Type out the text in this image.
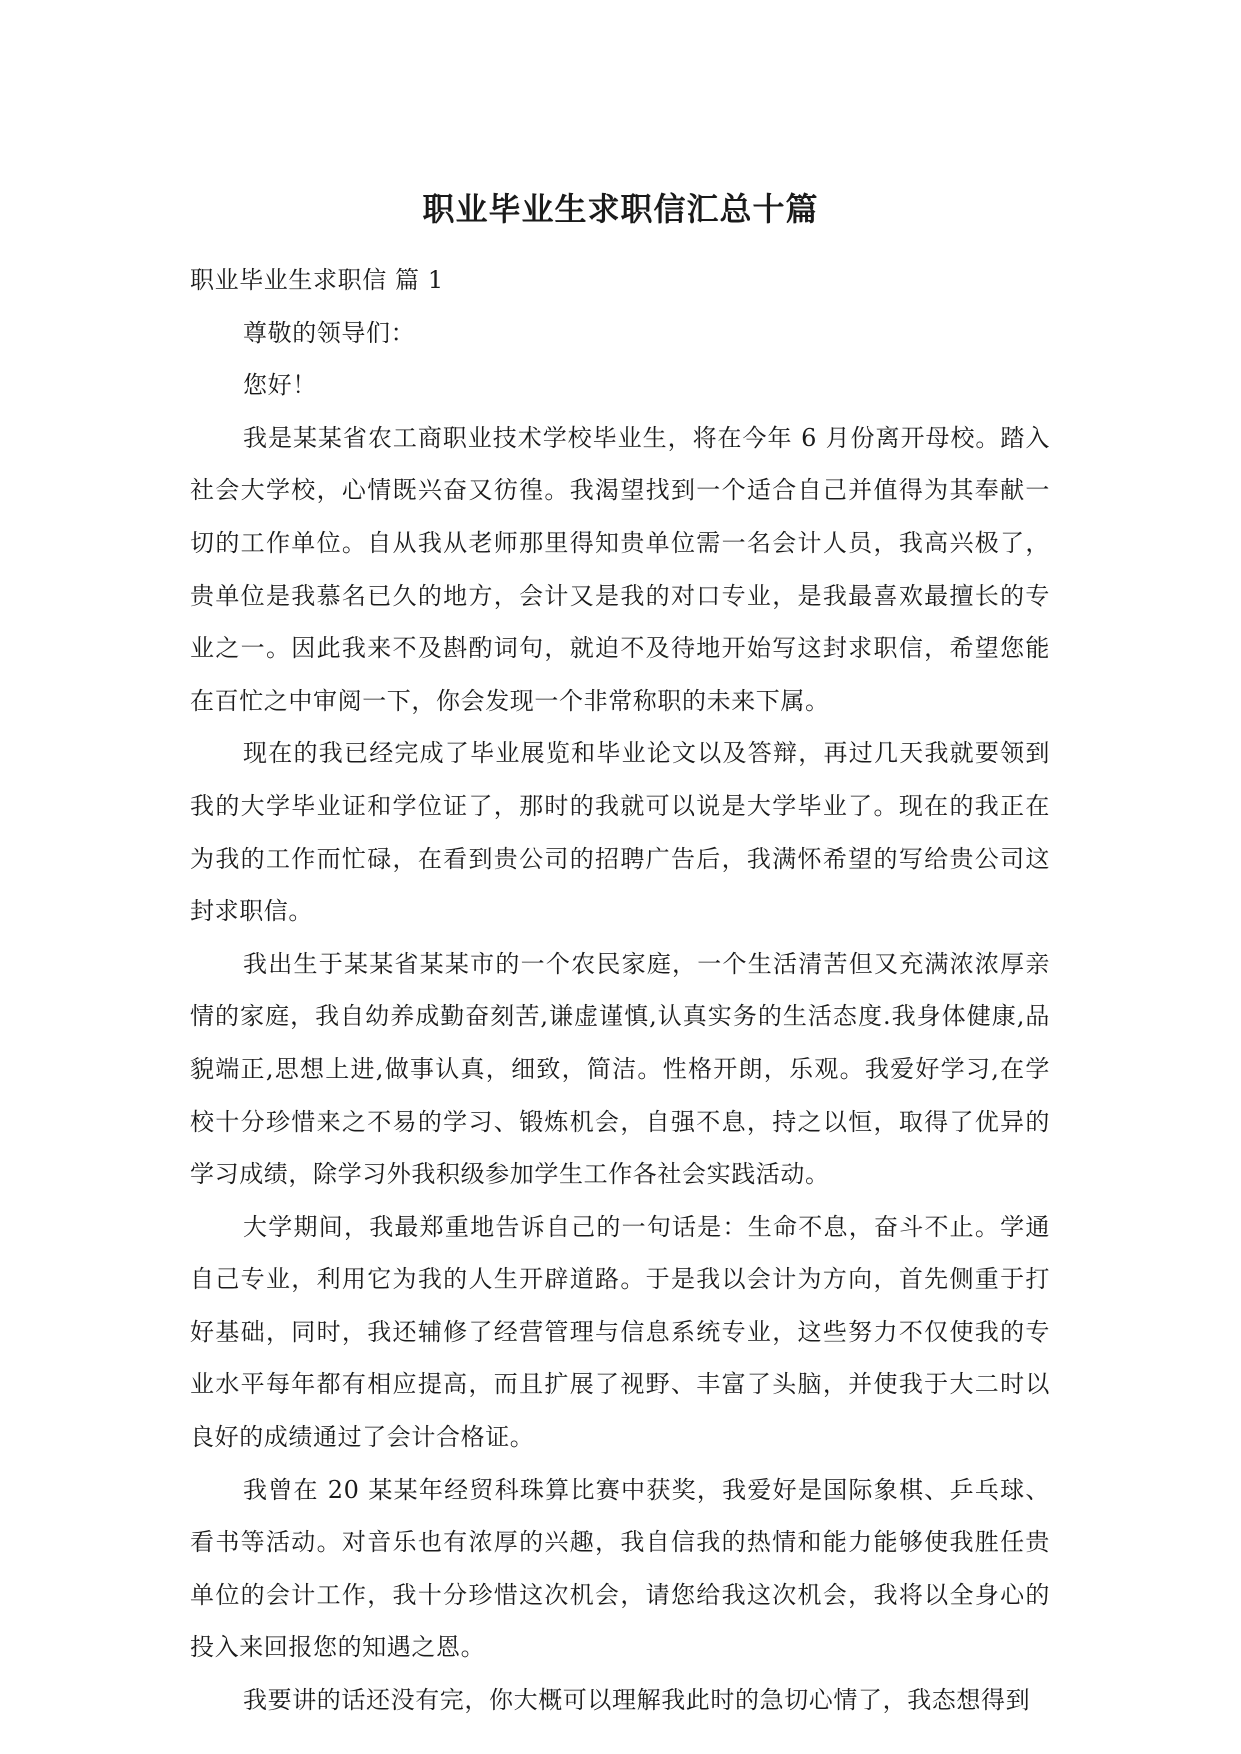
职业毕业生求职信汇总十篇

职业毕业生求职信 篇 1

尊敬的领导们：

您好！

我是某某省农工商职业技术学校毕业生，将在今年 6 月份离开母校。踏入社会大学校，心情既兴奋又彷徨。我渴望找到一个适合自己并值得为其奉献一切的工作单位。自从我从老师那里得知贵单位需一名会计人员，我高兴极了，贵单位是我慕名已久的地方，会计又是我的对口专业，是我最喜欢最擅长的专业之一。因此我来不及斟酌词句，就迫不及待地开始写这封求职信，希望您能在百忙之中审阅一下，你会发现一个非常称职的未来下属。

现在的我已经完成了毕业展览和毕业论文以及答辩，再过几天我就要领到我的大学毕业证和学位证了，那时的我就可以说是大学毕业了。现在的我正在为我的工作而忙碌，在看到贵公司的招聘广告后，我满怀希望的写给贵公司这封求职信。

我出生于某某省某某市的一个农民家庭，一个生活清苦但又充满浓浓厚亲情的家庭，我自幼养成勤奋刻苦,谦虚谨慎,认真实务的生活态度.我身体健康,品貌端正,思想上进,做事认真，细致，简洁。性格开朗，乐观。我爱好学习,在学校十分珍惜来之不易的学习、锻炼机会，自强不息，持之以恒，取得了优异的学习成绩，除学习外我积级参加学生工作各社会实践活动。

大学期间，我最郑重地告诉自己的一句话是：生命不息，奋斗不止。学通自己专业，利用它为我的人生开辟道路。于是我以会计为方向，首先侧重于打好基础，同时，我还辅修了经营管理与信息系统专业，这些努力不仅使我的专业水平每年都有相应提高，而且扩展了视野、丰富了头脑，并使我于大二时以良好的成绩通过了会计合格证。

我曾在 20 某某年经贸科珠算比赛中获奖，我爱好是国际象棋、乒乓球、看书等活动。对音乐也有浓厚的兴趣，我自信我的热情和能力能够使我胜任贵单位的会计工作，我十分珍惜这次机会，请您给我这次机会，我将以全身心的投入来回报您的知遇之恩。

我要讲的话还没有完，你大概可以理解我此时的急切心情了，我态想得到
